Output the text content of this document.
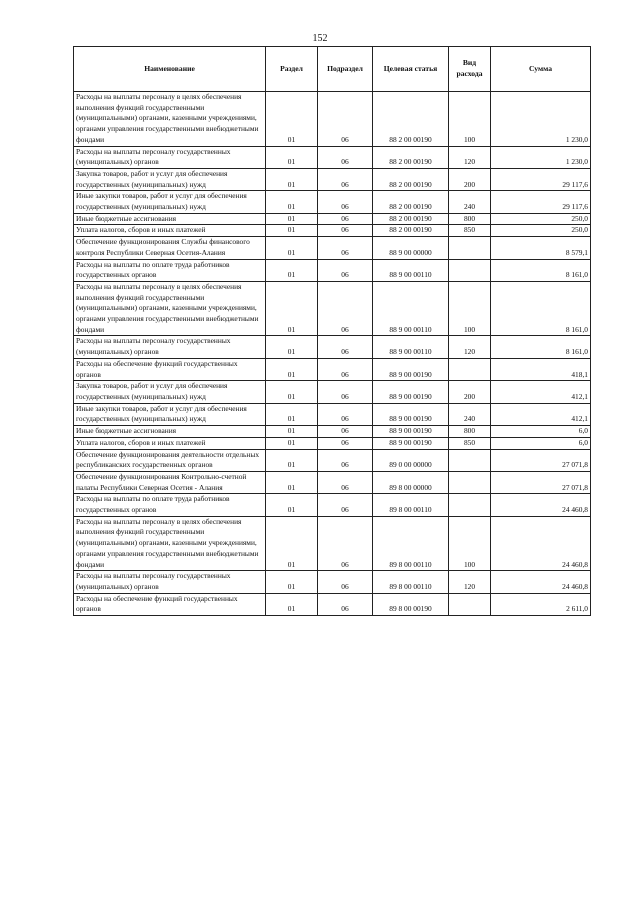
152
Наименование	Раздел	Подраздел	Целевая статья	Вид расхода	Сумма
Расходы на выплаты персоналу в целях обеспечения выполнения функций государственными (муниципальными) органами, казенными учреждениями, органами управления государственными внебюджетными фондами	01	06	88 2 00 00190	100	1 230,0
Расходы на выплаты персоналу государственных (муниципальных) органов	01	06	88 2 00 00190	120	1 230,0
Закупка товаров, работ и услуг для обеспечения государственных (муниципальных) нужд	01	06	88 2 00 00190	200	29 117,6
Иные закупки товаров, работ и услуг для обеспечения государственных (муниципальных) нужд	01	06	88 2 00 00190	240	29 117,6
Иные бюджетные ассигнования	01	06	88 2 00 00190	800	250,0
Уплата налогов, сборов и иных платежей	01	06	88 2 00 00190	850	250,0
Обеспечение функционирования Службы финансового контроля Республики Северная Осетия-Алания	01	06	88 9 00 00000		8 579,1
Расходы на выплаты по оплате труда работников государственных органов	01	06	88 9 00 00110		8 161,0
Расходы на выплаты персоналу в целях обеспечения выполнения функций государственными (муниципальными) органами, казенными учреждениями, органами управления государственными внебюджетными фондами	01	06	88 9 00 00110	100	8 161,0
Расходы на выплаты персоналу государственных (муниципальных) органов	01	06	88 9 00 00110	120	8 161,0
Расходы на обеспечение функций государственных органов	01	06	88 9 00 00190		418,1
Закупка товаров, работ и услуг для обеспечения государственных (муниципальных) нужд	01	06	88 9 00 00190	200	412,1
Иные закупки товаров, работ и услуг для обеспечения государственных (муниципальных) нужд	01	06	88 9 00 00190	240	412,1
Иные бюджетные ассигнования	01	06	88 9 00 00190	800	6,0
Уплата налогов, сборов и иных платежей	01	06	88 9 00 00190	850	6,0
Обеспечение функционирования деятельности отдельных республиканских государственных органов	01	06	89 0 00 00000		27 071,8
Обеспечение функционирования Контрольно-счетной палаты Республики Северная Осетия - Алания	01	06	89 8 00 00000		27 071,8
Расходы на выплаты по оплате труда работников государственных органов	01	06	89 8 00 00110		24 460,8
Расходы на выплаты персоналу в целях обеспечения выполнения функций государственными (муниципальными) органами, казенными учреждениями, органами управления государственными внебюджетными фондами	01	06	89 8 00 00110	100	24 460,8
Расходы на выплаты персоналу государственных (муниципальных) органов	01	06	89 8 00 00110	120	24 460,8
Расходы на обеспечение функций государственных органов	01	06	89 8 00 00190		2 611,0
